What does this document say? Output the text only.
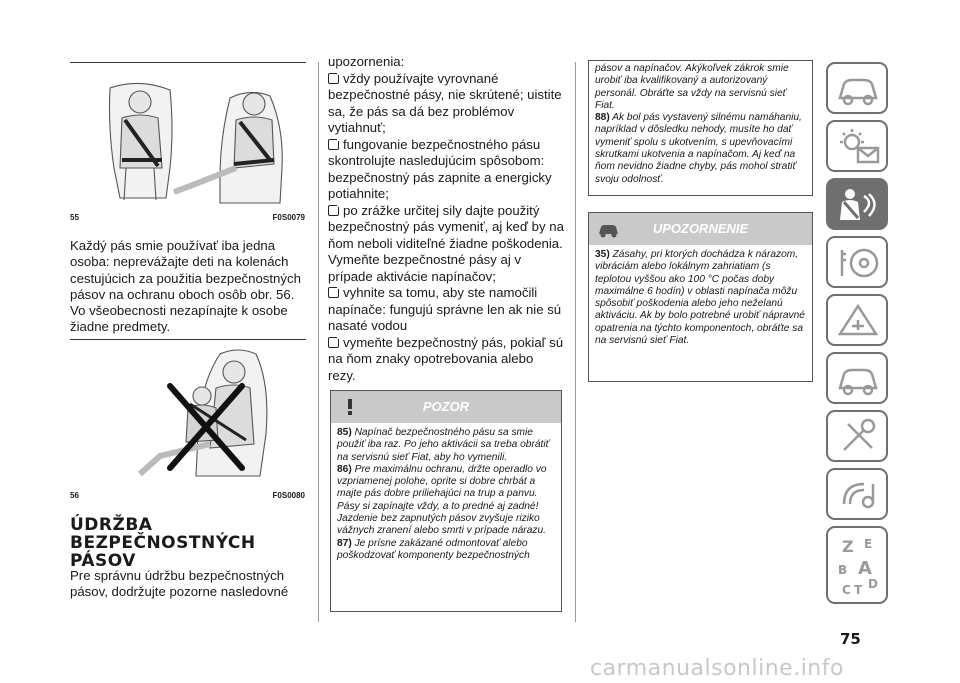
55	F0S0079
Každý pás smie používať iba jedna osoba: neprevážajte deti na kolenách cestujúcich za použitia bezpečnostných pásov na ochranu oboch osôb obr. 56. Vo všeobecnosti nezapínajte k osobe žiadne predmety.
56	F0S0080
ÚDRŽBA
BEZPEČNOSTNÝCH
PÁSOV
Pre správnu údržbu bezpečnostných pásov, dodržujte pozorne nasledovné
upozornenia:
vždy používajte vyrovnané bezpečnostné pásy, nie skrútené; uistite sa, že pás sa dá bez problémov vytiahnuť;
fungovanie bezpečnostného pásu skontrolujte nasledujúcim spôsobom: bezpečnostný pás zapnite a energicky potiahnite;
po zrážke určitej sily dajte použitý bezpečnostný pás vymeniť, aj keď by na ňom neboli viditeľné žiadne poškodenia. Vymeňte bezpečnostné pásy aj v prípade aktivácie napínačov;
vyhnite sa tomu, aby ste namočili napínače: fungujú správne len ak nie sú nasaté vodou
vymeňte bezpečnostný pás, pokiaľ sú na ňom znaky opotrebovania alebo rezy.
POZOR
85) Napínač bezpečnostného pásu sa smie použiť iba raz. Po jeho aktivácii sa treba obrátiť na servisnú sieť Fiat, aby ho vymenili.
86) Pre maximálnu ochranu, držte operadlo vo vzpriamenej polohe, oprite si dobre chrbát a majte pás dobre priliehajúci na trup a panvu. Pásy si zapínajte vždy, a to predné aj zadné! Jazdenie bez zapnutých pásov zvyšuje riziko vážnych zranení alebo smrti v prípade nárazu.
87) Je prísne zakázané odmontovať alebo poškodzovať komponenty bezpečnostných
pásov a napínačov. Akýkoľvek zákrok smie urobiť iba kvalifikovaný a autorizovaný personál. Obráťte sa vždy na servisnú sieť Fiat.
88) Ak bol pás vystavený silnému namáhaniu, napríklad v dôsledku nehody, musíte ho dať vymeniť spolu s ukotvením, s upevňovacími skrutkami ukotvenia a napínačom. Aj keď na ňom nevidno žiadne chyby, pás mohol stratiť svoju odolnosť.
UPOZORNENIE
35) Zásahy, pri ktorých dochádza k nárazom, vibráciám alebo lokálnym zahriatiam (s teplotou vyššou ako 100 °C počas doby maximálne 6 hodín) v oblasti napínača môžu spôsobiť poškodenia alebo jeho neželanú aktiváciu. Ak by bolo potrebné urobiť nápravné opatrenia na týchto komponentoch, obráťte sa na servisnú sieť Fiat.
Z E
B A
C T D
75
carmanualsonline.info
